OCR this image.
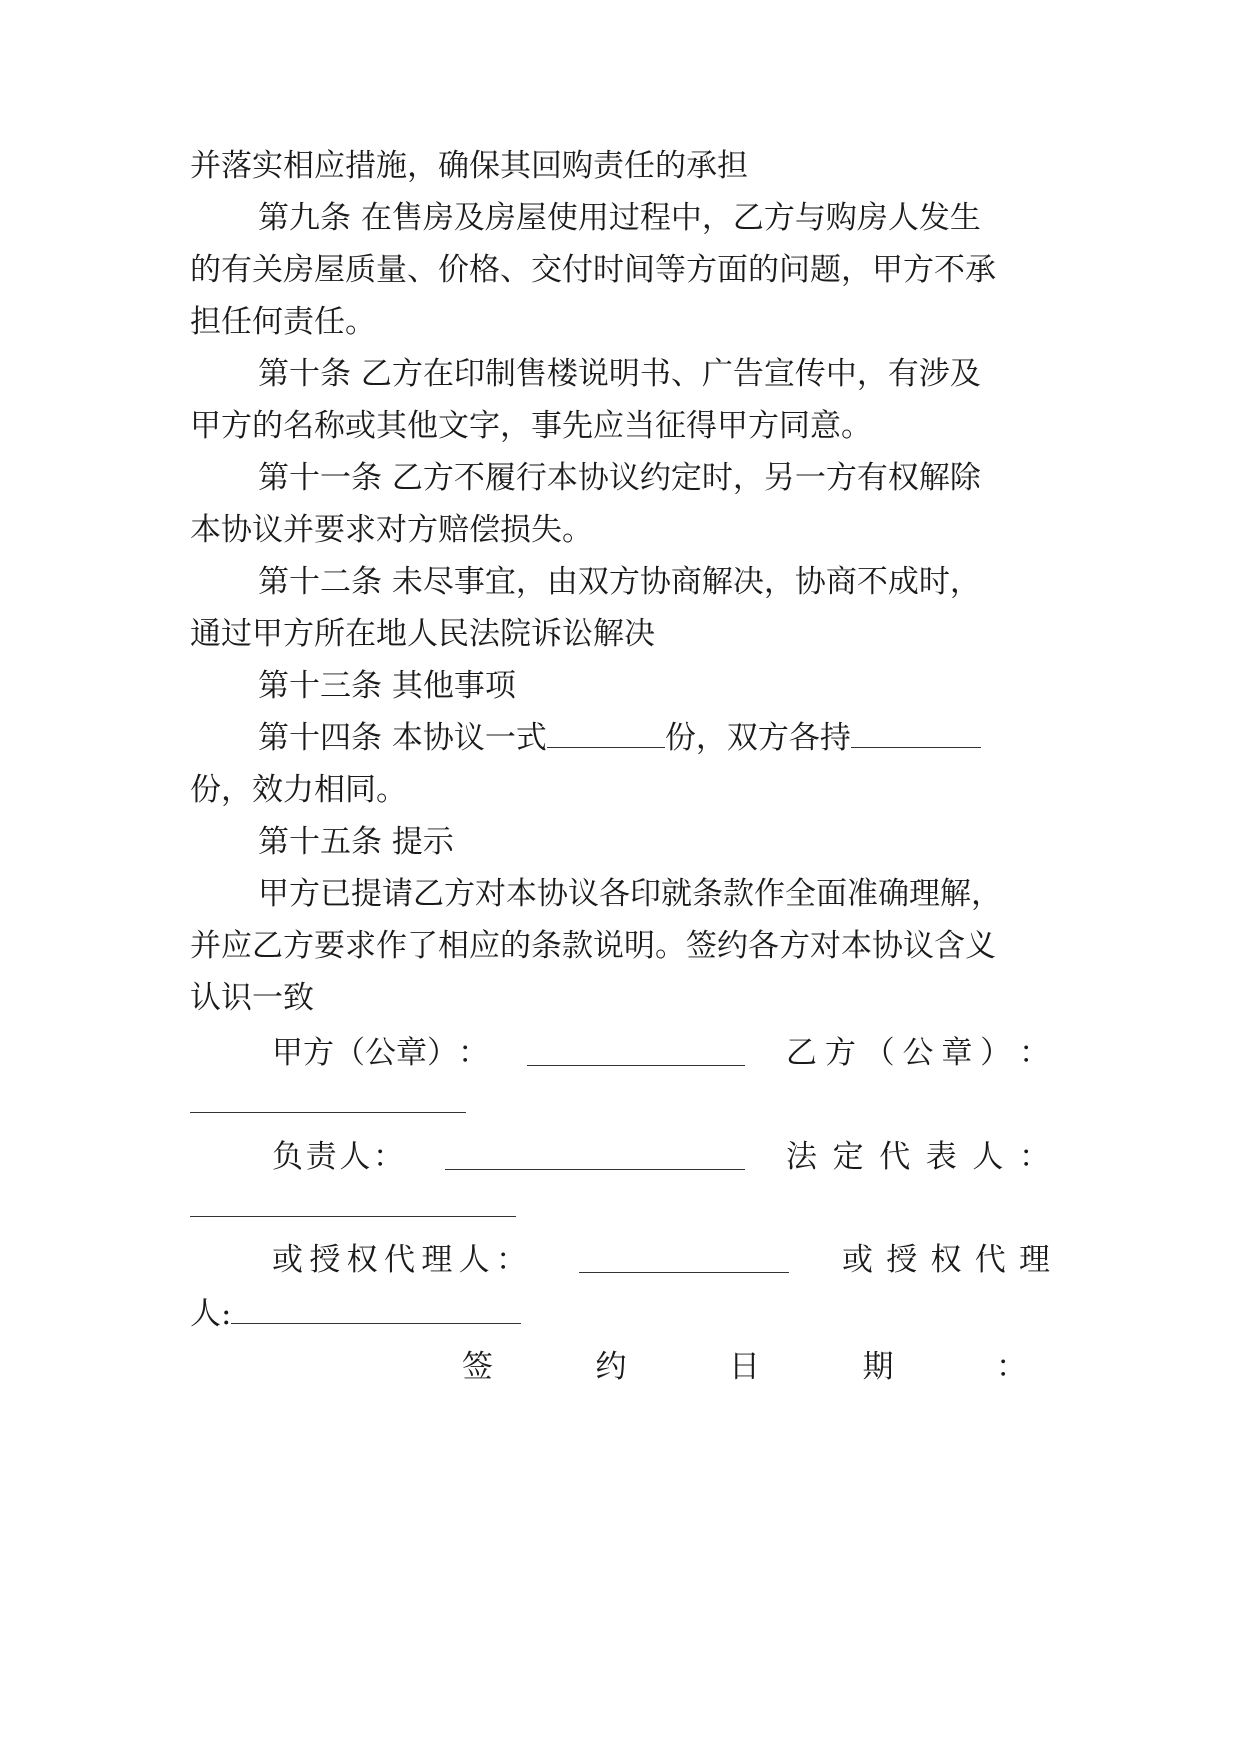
并落实相应措施，确保其回购责任的承担
第九条 在售房及房屋使用过程中，乙方与购房人发生
的有关房屋质量、价格、交付时间等方面的问题，甲方不承
担任何责任。
第十条 乙方在印制售楼说明书、广告宣传中，有涉及
甲方的名称或其他文字，事先应当征得甲方同意。
第十一条 乙方不履行本协议约定时，另一方有权解除
本协议并要求对方赔偿损失。
第十二条 未尽事宜，由双方协商解决，协商不成时，
通过甲方所在地人民法院诉讼解决
第十三条 其他事项
第十四条 本协议一式	份，双方各持
份，效力相同。
第十五条 提示
甲方已提请乙方对本协议各印就条款作全面准确理解，
并应乙方要求作了相应的条款说明。签约各方对本协议含义
认识一致
甲 方 （ 公 章 ） ：	乙 方 （ 公 章 ） ：
负 责 人 ：	法 定 代 表 人 ：
或 授 权 代 理 人 ：	或 授 权 代 理
人:
签	约	日	期	：
